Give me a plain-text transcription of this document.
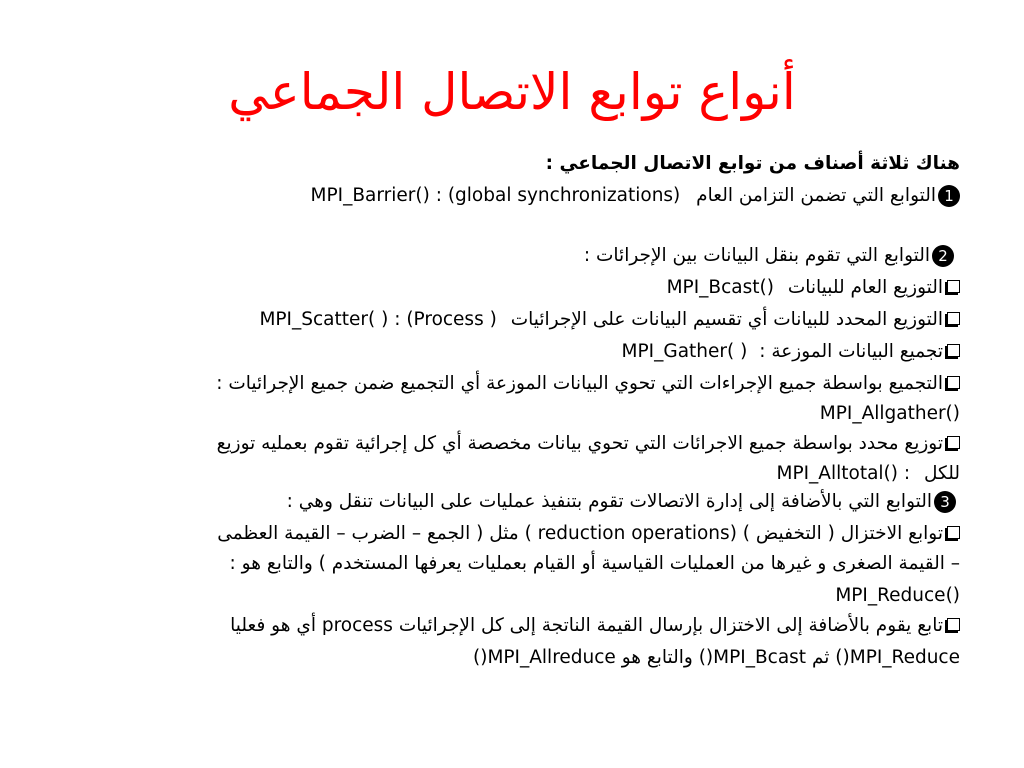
أنواع توابع الاتصال الجماعي
هناك ثلاثة أصناف من توابع الاتصال الجماعي :
1التوابع التي تضمن التزامن العام MPI_Barrier() : (global synchronizations)
2التوابع التي تقوم بنقل البيانات بين الإجرائات :
التوزيع العام للبيانات MPI_Bcast()
التوزيع المحدد للبيانات أي تقسيم البيانات على الإجرائيات MPI_Scatter( ) : (Process )
تجميع البيانات الموزعة : MPI_Gather( )
التجميع بواسطة جميع الإجراءات التي تحوي البيانات الموزعة أي التجميع ضمن جميع الإجرائيات :
MPI_Allgather()
توزيع محدد بواسطة جميع الاجرائات التي تحوي بيانات مخصصة أي كل إجرائية تقوم بعمليه توزيع
للكل MPI_Alltotal() :
3التوابع التي بالأضافة إلى إدارة الاتصالات تقوم بتنفيذ عمليات على البيانات تنقل وهي :
توابع الاختزال ( التخفيض ) (reduction operations ) مثل ( الجمع – الضرب – القيمة العظمى
– القيمة الصغرى و غيرها من العمليات القياسية أو القيام بعمليات يعرفها المستخدم ) والتابع هو :
MPI_Reduce()
تابع يقوم بالأضافة إلى الاختزال بإرسال القيمة الناتجة إلى كل الإجرائيات process أي هو فعليا
MPI_Reduce() ثم MPI_Bcast() والتابع هو MPI_Allreduce()
